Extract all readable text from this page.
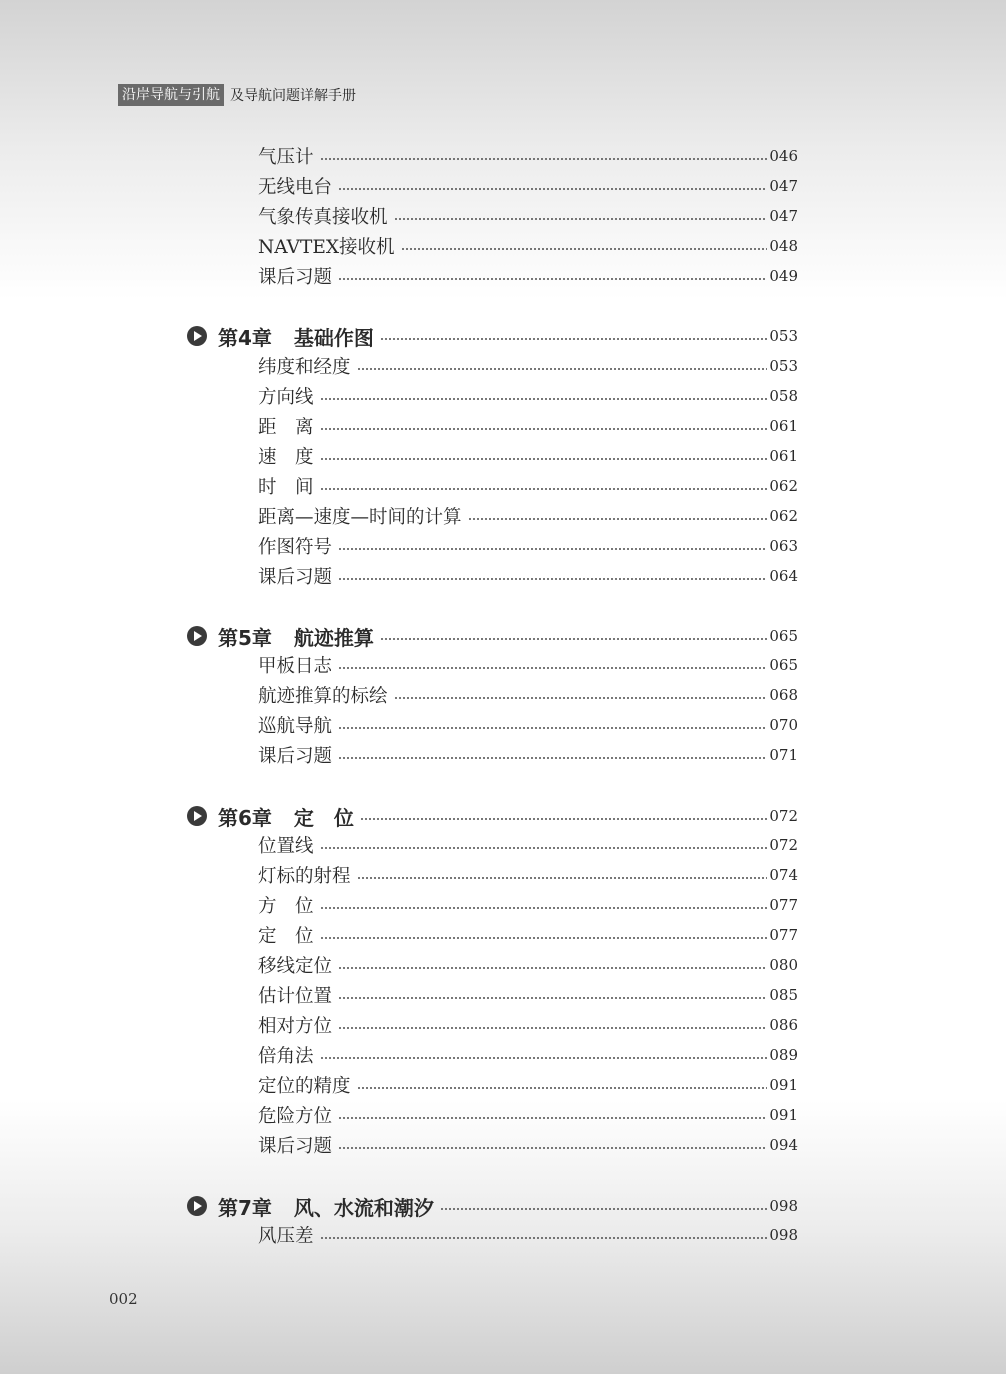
沿岸导航与引航 及导航问题详解手册
气压计	046
无线电台	047
气象传真接收机	047
NAVTEX接收机	048
课后习题	049
第4章 基础作图	053
纬度和经度	053
方向线	058
距　离	061
速　度	061
时　间	062
距离—速度—时间的计算	062
作图符号	063
课后习题	064
第5章 航迹推算	065
甲板日志	065
航迹推算的标绘	068
巡航导航	070
课后习题	071
第6章 定　位	072
位置线	072
灯标的射程	074
方　位	077
定　位	077
移线定位	080
估计位置	085
相对方位	086
倍角法	089
定位的精度	091
危险方位	091
课后习题	094
第7章 风、水流和潮汐	098
风压差	098
002
